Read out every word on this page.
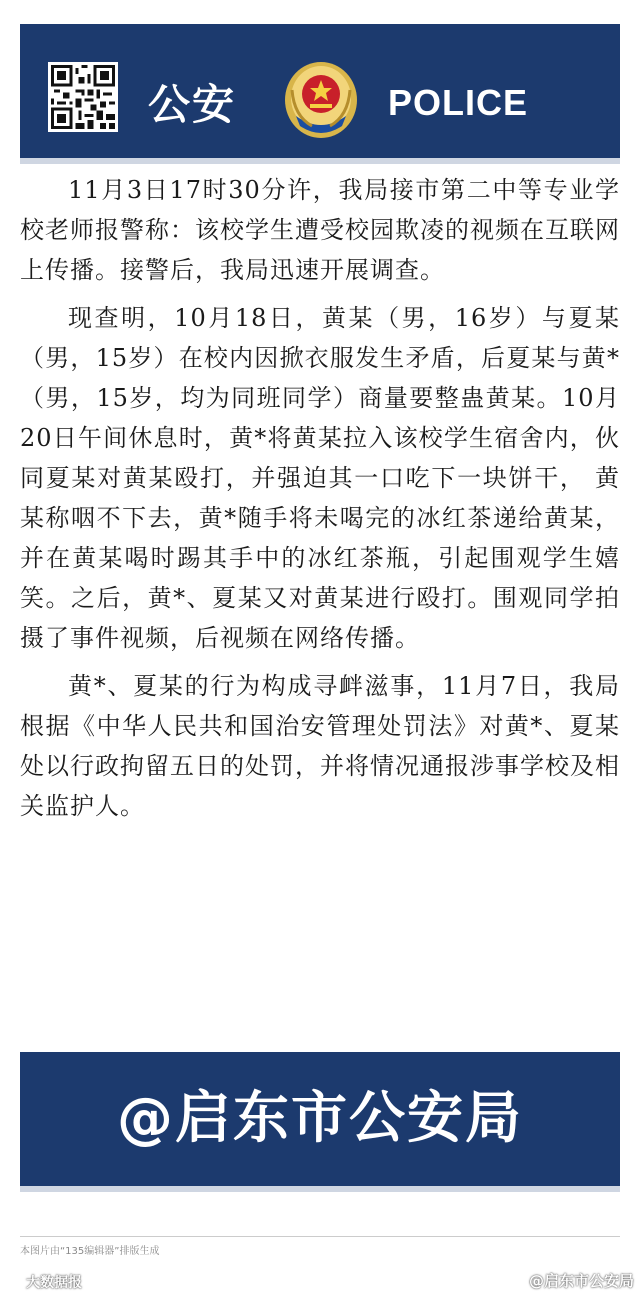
公安	POLICE

11月3日17时30分许，我局接市第二中等专业学校老师报警称：该校学生遭受校园欺凌的视频在互联网上传播。接警后，我局迅速开展调查。

现查明，10月18日，黄某（男，16岁）与夏某（男，15岁）在校内因掀衣服发生矛盾，后夏某与黄*（男，15岁，均为同班同学）商量要整蛊黄某。10月20日午间休息时，黄*将黄某拉入该校学生宿舍内，伙同夏某对黄某殴打，并强迫其一口吃下一块饼干， 黄某称咽不下去，黄*随手将未喝完的冰红茶递给黄某，并在黄某喝时踢其手中的冰红茶瓶，引起围观学生嬉笑。之后，黄*、夏某又对黄某进行殴打。围观同学拍摄了事件视频，后视频在网络传播。

黄*、夏某的行为构成寻衅滋事，11月7日，我局根据《中华人民共和国治安管理处罚法》对黄*、夏某处以行政拘留五日的处罚，并将情况通报涉事学校及相关监护人。

@启东市公安局
本图片由“135编辑器”排版生成
大数据报	@启东市公安局
